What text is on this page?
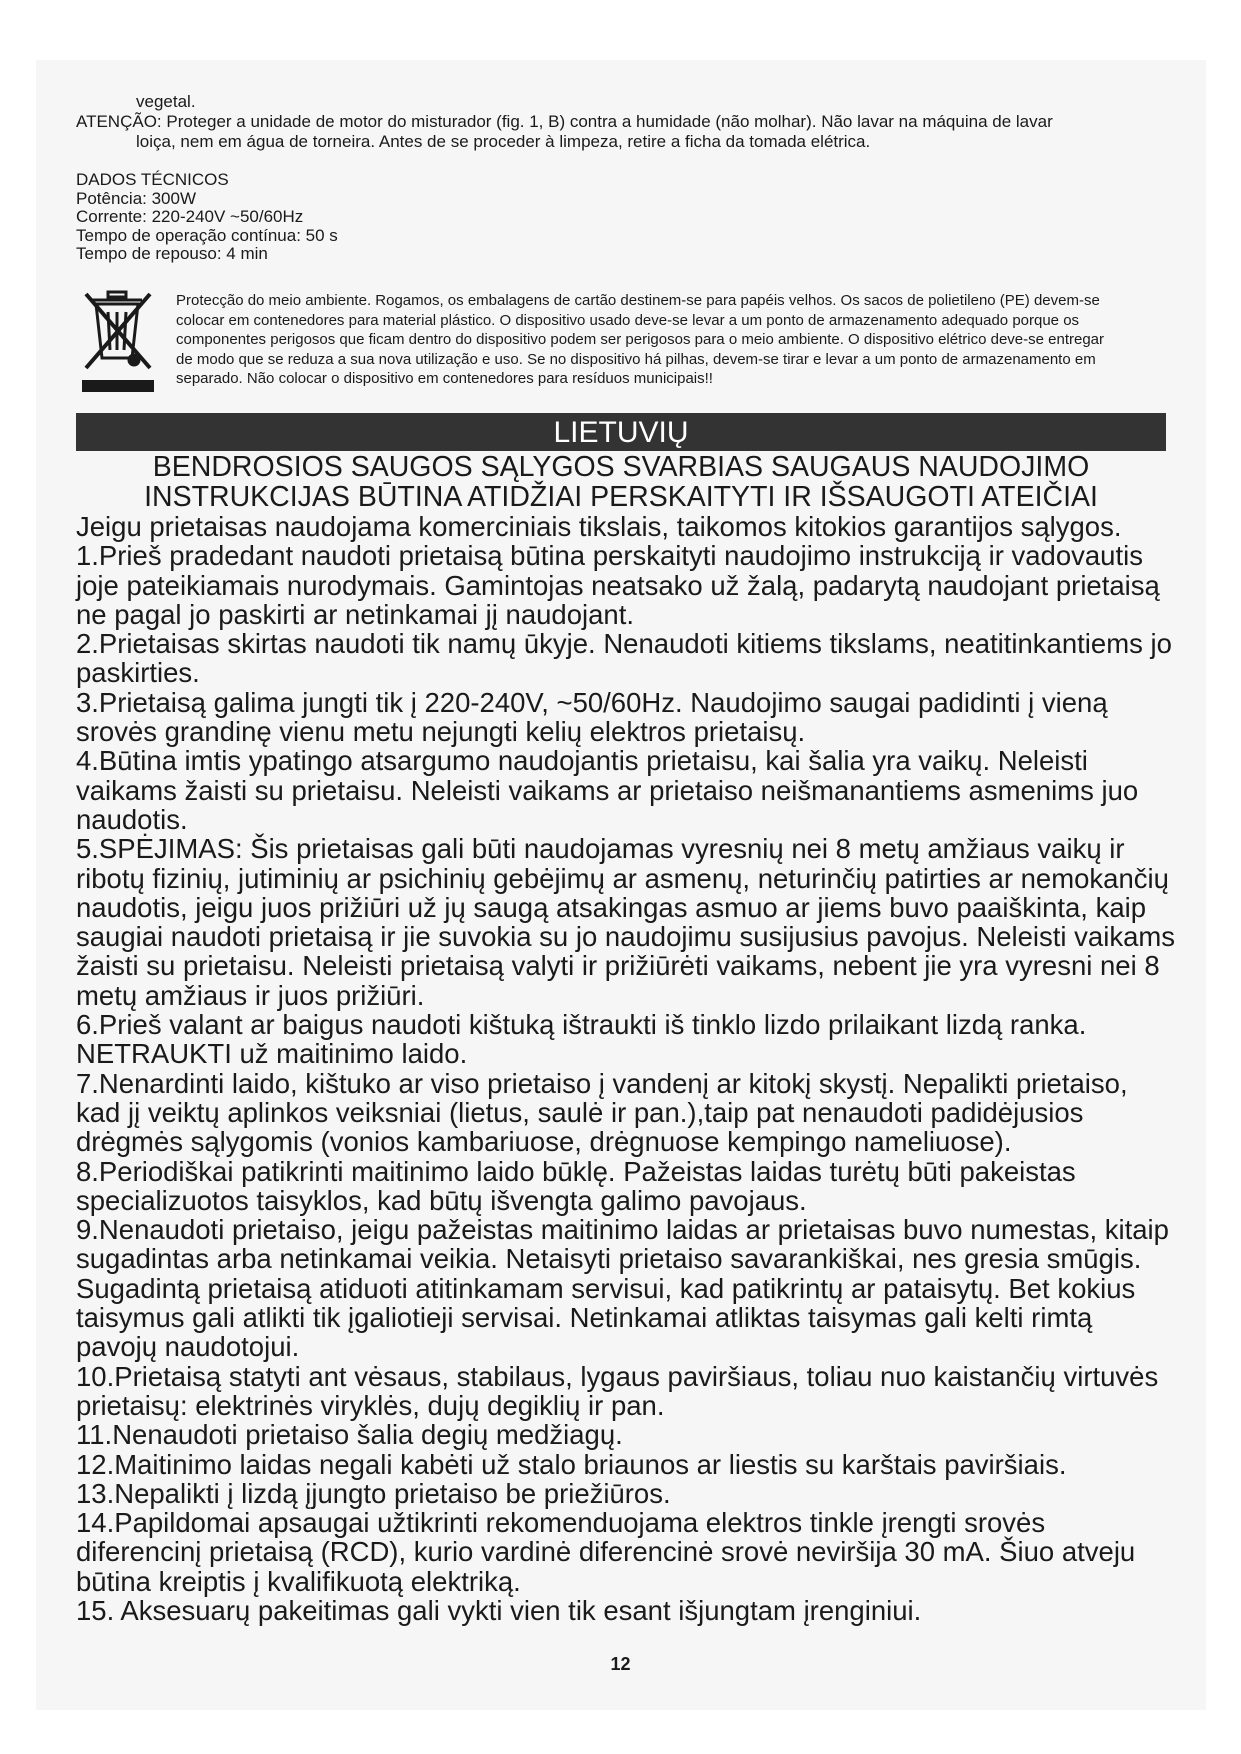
vegetal.
ATENÇÃO: Proteger a unidade de motor do misturador (fig. 1, B) contra a humidade (não molhar). Não lavar na máquina de lavar
loiça, nem em água de torneira. Antes de se proceder à limpeza, retire a ficha da tomada elétrica.
DADOS TÉCNICOS
Potência: 300W
Corrente: 220-240V ~50/60Hz
Tempo de operação contínua: 50 s
Tempo de repouso: 4 min
Protecção do meio ambiente. Rogamos, os embalagens de cartão destinem-se para papéis velhos. Os sacos de polietileno (PE) devem-se
colocar em contenedores para material plástico. O dispositivo usado deve-se levar a um ponto de armazenamento adequado porque os
componentes perigosos que ficam dentro do dispositivo podem ser perigosos para o meio ambiente. O dispositivo elétrico deve-se entregar
de modo que se reduza a sua nova utilização e uso. Se no dispositivo há pilhas, devem-se tirar e levar a um ponto de armazenamento em
separado. Não colocar o dispositivo em contenedores para resíduos municipais!!
LIETUVIŲ
BENDROSIOS SAUGOS SĄLYGOS SVARBIAS SAUGAUS NAUDOJIMO
INSTRUKCIJAS BŪTINA ATIDŽIAI PERSKAITYTI IR IŠSAUGOTI ATEIČIAI
Jeigu prietaisas naudojama komerciniais tikslais, taikomos kitokios garantijos sąlygos.
1.Prieš pradedant naudoti prietaisą būtina perskaityti naudojimo instrukciją ir vadovautis
joje pateikiamais nurodymais. Gamintojas neatsako už žalą, padarytą naudojant prietaisą
ne pagal jo paskirti ar netinkamai jį naudojant.
2.Prietaisas skirtas naudoti tik namų ūkyje. Nenaudoti kitiems tikslams, neatitinkantiems jo
paskirties.
3.Prietaisą galima jungti tik į 220-240V, ~50/60Hz. Naudojimo saugai padidinti į vieną
srovės grandinę vienu metu nejungti kelių elektros prietaisų.
4.Būtina imtis ypatingo atsargumo naudojantis prietaisu, kai šalia yra vaikų. Neleisti
vaikams žaisti su prietaisu. Neleisti vaikams ar prietaiso neišmanantiems asmenims juo
naudotis.
5.SPĖJIMAS: Šis prietaisas gali būti naudojamas vyresnių nei 8 metų amžiaus vaikų ir
ribotų fizinių, jutiminių ar psichinių gebėjimų ar asmenų, neturinčių patirties ar nemokančių
naudotis, jeigu juos prižiūri už jų saugą atsakingas asmuo ar jiems buvo paaiškinta, kaip
saugiai naudoti prietaisą ir jie suvokia su jo naudojimu susijusius pavojus. Neleisti vaikams
žaisti su prietaisu. Neleisti prietaisą valyti ir prižiūrėti vaikams, nebent jie yra vyresni nei 8
metų amžiaus ir juos prižiūri.
6.Prieš valant ar baigus naudoti kištuką ištraukti iš tinklo lizdo prilaikant lizdą ranka.
NETRAUKTI už maitinimo laido.
7.Nenardinti laido, kištuko ar viso prietaiso į vandenį ar kitokį skystį. Nepalikti prietaiso,
kad jį veiktų aplinkos veiksniai (lietus, saulė ir pan.),taip pat nenaudoti padidėjusios
drėgmės sąlygomis (vonios kambariuose, drėgnuose kempingo nameliuose).
8.Periodiškai patikrinti maitinimo laido būklę. Pažeistas laidas turėtų būti pakeistas
specializuotos taisyklos, kad būtų išvengta galimo pavojaus.
9.Nenaudoti prietaiso, jeigu pažeistas maitinimo laidas ar prietaisas buvo numestas, kitaip
sugadintas arba netinkamai veikia. Netaisyti prietaiso savarankiškai, nes gresia smūgis.
Sugadintą prietaisą atiduoti atitinkamam servisui, kad patikrintų ar pataisytų. Bet kokius
taisymus gali atlikti tik įgaliotieji servisai. Netinkamai atliktas taisymas gali kelti rimtą
pavojų naudotojui.
10.Prietaisą statyti ant vėsaus, stabilaus, lygaus paviršiaus, toliau nuo kaistančių virtuvės
prietaisų: elektrinės viryklės, dujų degiklių ir pan.
11.Nenaudoti prietaiso šalia degių medžiagų.
12.Maitinimo laidas negali kabėti už stalo briaunos ar liestis su karštais paviršiais.
13.Nepalikti į lizdą įjungto prietaiso be priežiūros.
14.Papildomai apsaugai užtikrinti rekomenduojama elektros tinkle įrengti srovės
diferencinį prietaisą (RCD), kurio vardinė diferencinė srovė neviršija 30 mA. Šiuo atveju
būtina kreiptis į kvalifikuotą elektriką.
15. Aksesuarų pakeitimas gali vykti vien tik esant išjungtam įrenginiui.
12
